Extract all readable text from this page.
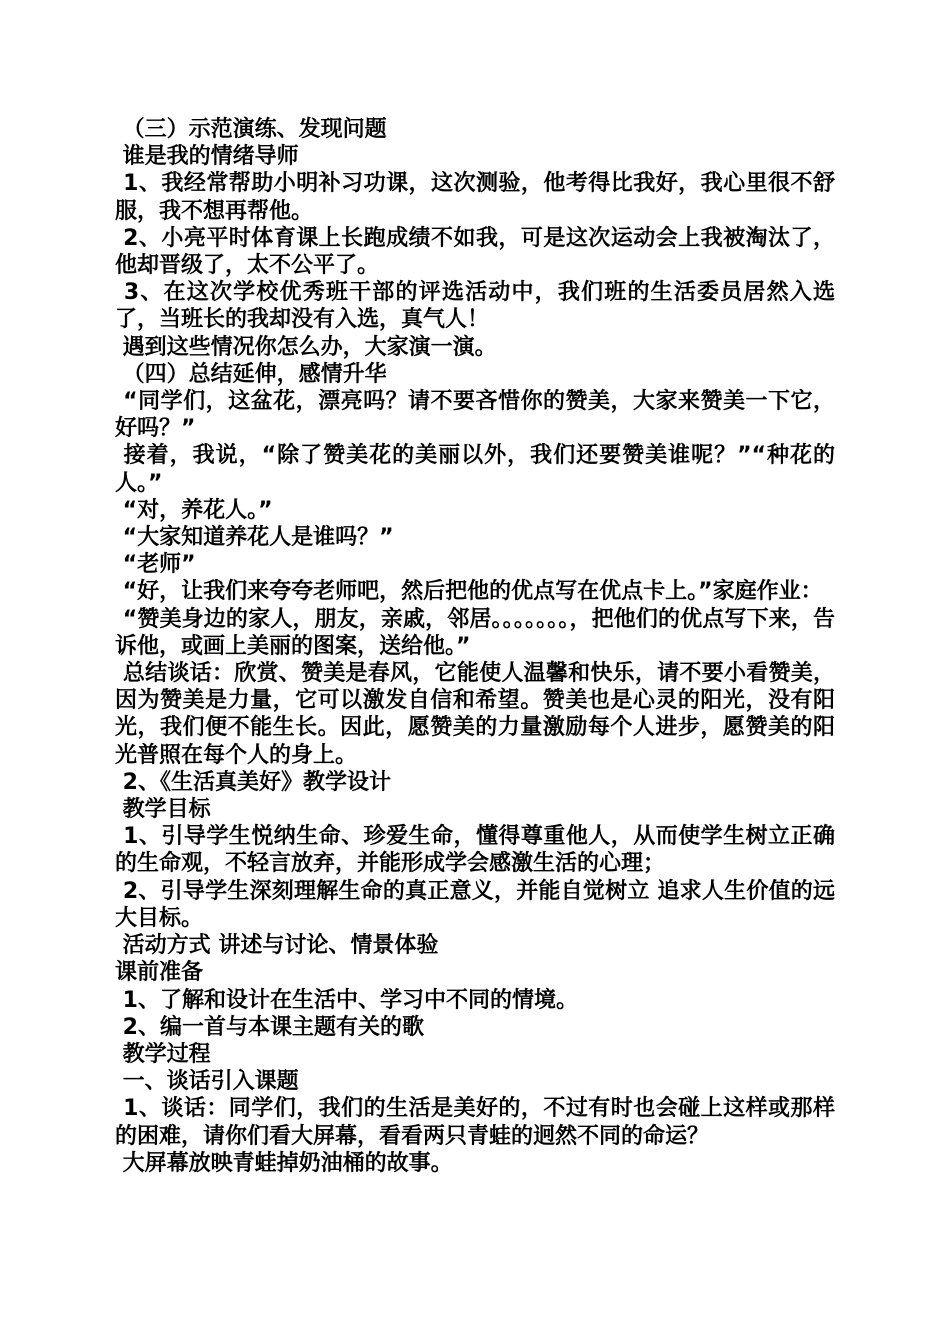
（三）示范演练、发现问题

谁是我的情绪导师

1、我经常帮助小明补习功课，这次测验，他考得比我好，我心里很不舒服，我不想再帮他。

2、小亮平时体育课上长跑成绩不如我，可是这次运动会上我被淘汰了，他却晋级了，太不公平了。

3、在这次学校优秀班干部的评选活动中，我们班的生活委员居然入选了，当班长的我却没有入选，真气人！

遇到这些情况你怎么办，大家演一演。

（四）总结延伸，感情升华

“同学们，这盆花，漂亮吗？请不要吝惜你的赞美，大家来赞美一下它，好吗？”

接着，我说，“除了赞美花的美丽以外，我们还要赞美谁呢？”“种花的人。”

“对，养花人。”

“大家知道养花人是谁吗？”

“老师”

“好，让我们来夸夸老师吧，然后把他的优点写在优点卡上。”家庭作业：

“赞美身边的家人，朋友，亲戚，邻居。。。。。。。，把他们的优点写下来，告诉他，或画上美丽的图案，送给他。”

总结谈话：欣赏、赞美是春风，它能使人温馨和快乐，请不要小看赞美，因为赞美是力量，它可以激发自信和希望。赞美也是心灵的阳光，没有阳光，我们便不能生长。因此，愿赞美的力量激励每个人进步，愿赞美的阳光普照在每个人的身上。

2、《生活真美好》教学设计

教学目标

1、引导学生悦纳生命、珍爱生命，懂得尊重他人，从而使学生树立正确的生命观，不轻言放弃，并能形成学会感激生活的心理；

2、引导学生深刻理解生命的真正意义，并能自觉树立 追求人生价值的远大目标。

活动方式 讲述与讨论、情景体验

课前准备

1、了解和设计在生活中、学习中不同的情境。

2、编一首与本课主题有关的歌

教学过程

一、谈话引入课题

1、谈话：同学们，我们的生活是美好的，不过有时也会碰上这样或那样的困难，请你们看大屏幕，看看两只青蛙的迥然不同的命运？

大屏幕放映青蛙掉奶油桶的故事。
